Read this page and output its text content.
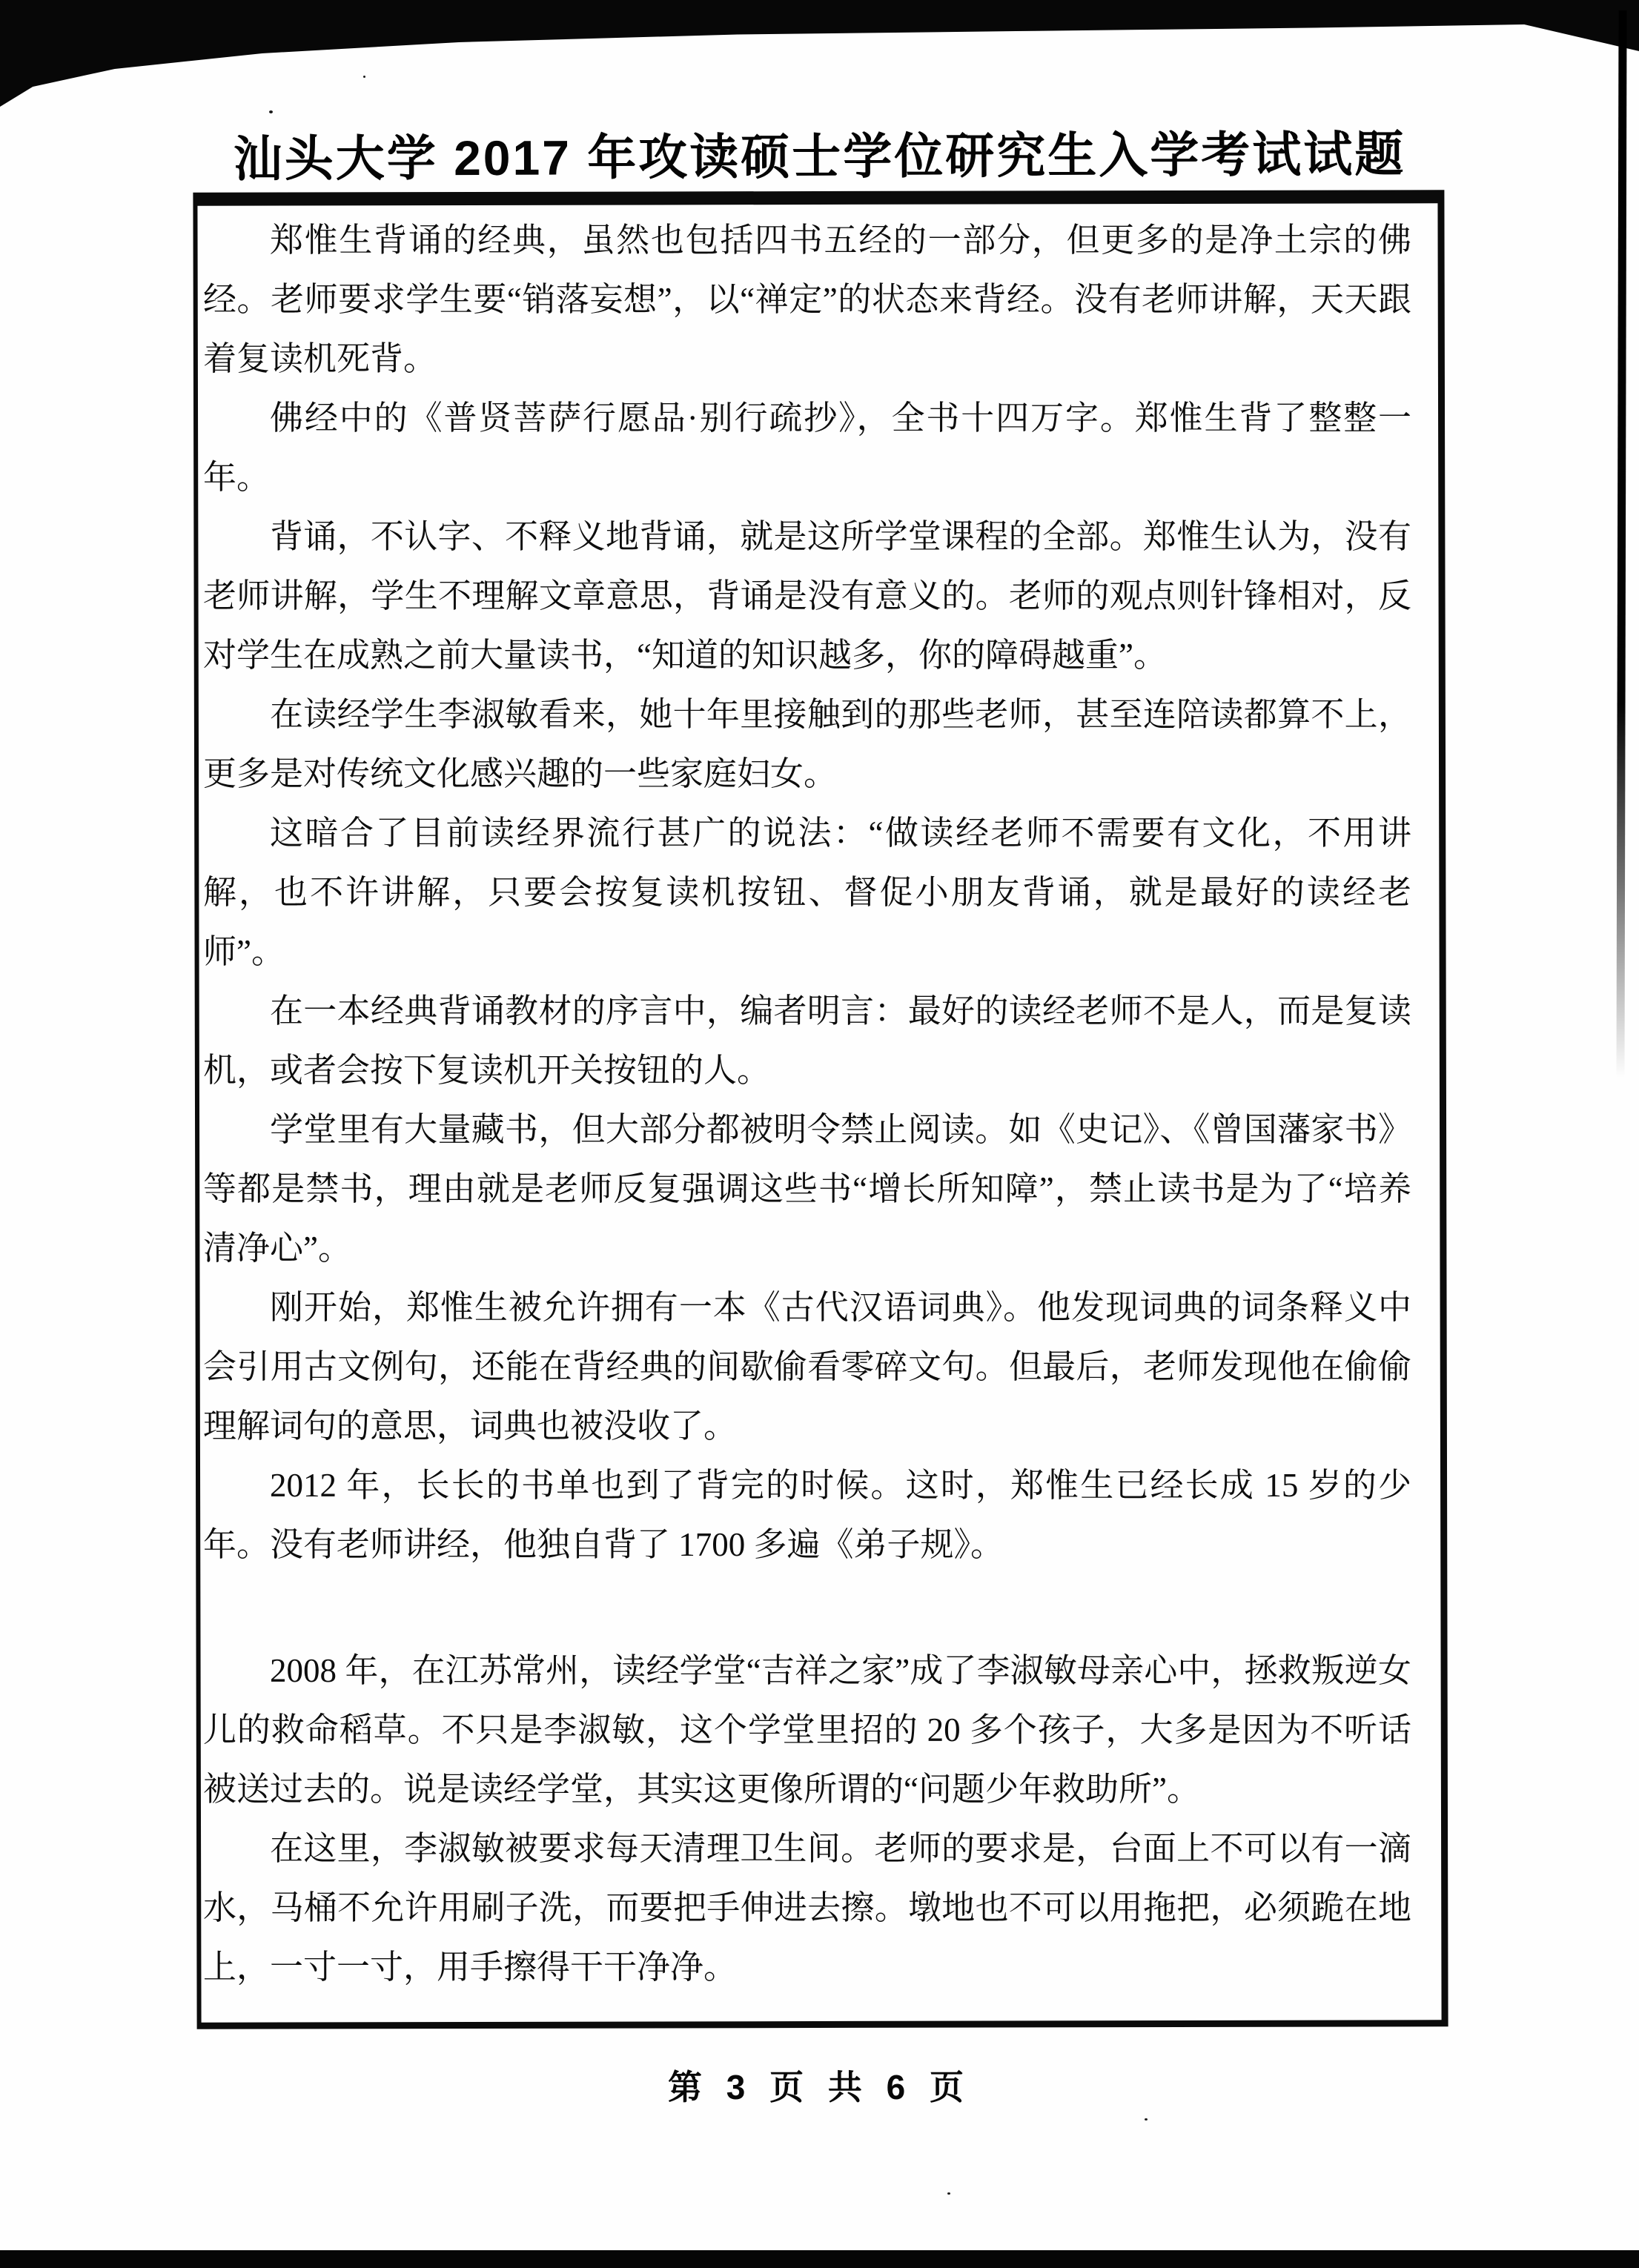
汕头大学 2017 年攻读硕士学位研究生入学考试试题

郑惟生背诵的经典，虽然也包括四书五经的一部分，但更多的是净土宗的佛经。老师要求学生要“销落妄想”，以“禅定”的状态来背经。没有老师讲解，天天跟着复读机死背。

佛经中的《普贤菩萨行愿品·别行疏抄》，全书十四万字。郑惟生背了整整一年。

背诵，不认字、不释义地背诵，就是这所学堂课程的全部。郑惟生认为，没有老师讲解，学生不理解文章意思，背诵是没有意义的。老师的观点则针锋相对，反对学生在成熟之前大量读书，“知道的知识越多，你的障碍越重”。

在读经学生李淑敏看来，她十年里接触到的那些老师，甚至连陪读都算不上，更多是对传统文化感兴趣的一些家庭妇女。

这暗合了目前读经界流行甚广的说法：“做读经老师不需要有文化，不用讲解，也不许讲解，只要会按复读机按钮、督促小朋友背诵，就是最好的读经老师”。

在一本经典背诵教材的序言中，编者明言：最好的读经老师不是人，而是复读机，或者会按下复读机开关按钮的人。

学堂里有大量藏书，但大部分都被明令禁止阅读。如《史记》、《曾国藩家书》等都是禁书，理由就是老师反复强调这些书“增长所知障”，禁止读书是为了“培养清净心”。

刚开始，郑惟生被允许拥有一本《古代汉语词典》。他发现词典的词条释义中会引用古文例句，还能在背经典的间歇偷看零碎文句。但最后，老师发现他在偷偷理解词句的意思，词典也被没收了。

2012 年，长长的书单也到了背完的时候。这时，郑惟生已经长成 15 岁的少年。没有老师讲经，他独自背了 1700 多遍《弟子规》。

2008 年，在江苏常州，读经学堂“吉祥之家”成了李淑敏母亲心中，拯救叛逆女儿的救命稻草。不只是李淑敏，这个学堂里招的 20 多个孩子，大多是因为不听话被送过去的。说是读经学堂，其实这更像所谓的“问题少年救助所”。

在这里，李淑敏被要求每天清理卫生间。老师的要求是，台面上不可以有一滴水，马桶不允许用刷子洗，而要把手伸进去擦。墩地也不可以用拖把，必须跪在地上，一寸一寸，用手擦得干干净净。

第 3 页 共 6 页
